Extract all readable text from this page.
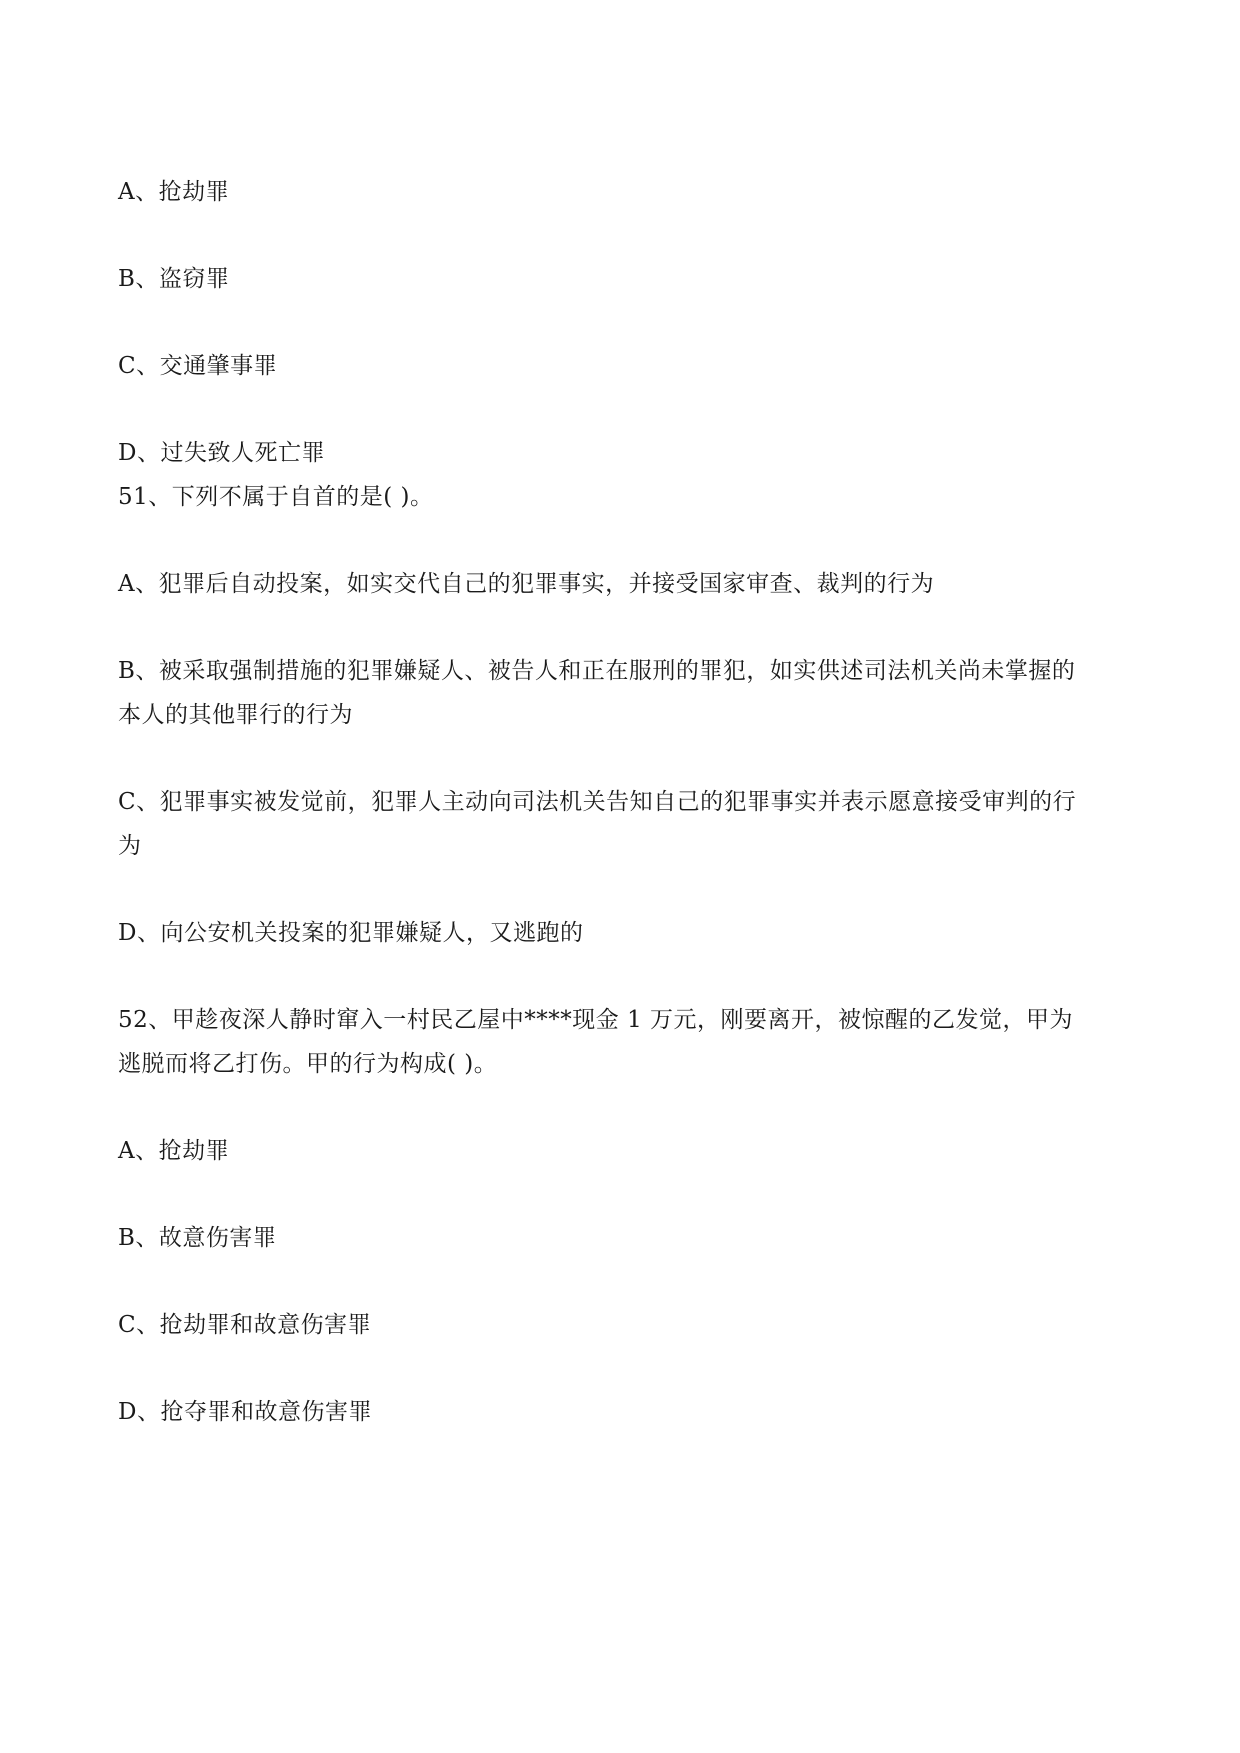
A、抢劫罪
B、盗窃罪
C、交通肇事罪
D、过失致人死亡罪
51、下列不属于自首的是( )。
A、犯罪后自动投案，如实交代自己的犯罪事实，并接受国家审查、裁判的行为
B、被采取强制措施的犯罪嫌疑人、被告人和正在服刑的罪犯，如实供述司法机关尚未掌握的
本人的其他罪行的行为
C、犯罪事实被发觉前，犯罪人主动向司法机关告知自己的犯罪事实并表示愿意接受审判的行
为
D、向公安机关投案的犯罪嫌疑人，又逃跑的
52、甲趁夜深人静时窜入一村民乙屋中****现金 1 万元，刚要离开，被惊醒的乙发觉，甲为
逃脱而将乙打伤。甲的行为构成( )。
A、抢劫罪
B、故意伤害罪
C、抢劫罪和故意伤害罪
D、抢夺罪和故意伤害罪
